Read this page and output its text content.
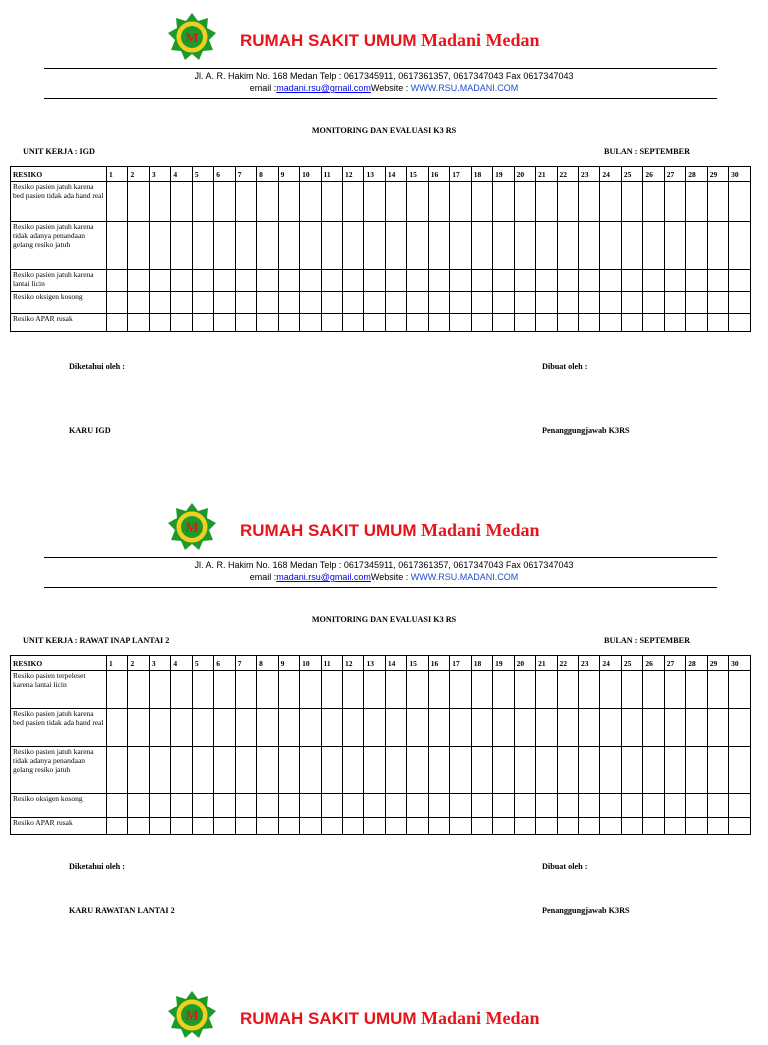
M RUMAH SAKIT UMUM Madani Medan
Jl. A. R. Hakim No. 168 Medan Telp : 0617345911, 0617361357, 0617347043 Fax 0617347043
email :madani.rsu@gmail.comWebsite : WWW.RSU.MADANI.COM
MONITORING DAN EVALUASI K3 RS
UNIT KERJA : IGD	BULAN : SEPTEMBER
RESIKO	1	2	3	4	5	6	7	8	9	10	11	12	13	14	15	16	17	18	19	20	21	22	23	24	25	26	27	28	29	30
Resiko pasien jatuh karena bed pasien tidak ada hand real																														
Resiko pasien jatuh karena tidak adanya penandaan gelang resiko jatuh																														
Resiko pasien jatuh karena lantai licin																														
Resiko oksigen kosong																														
Resiko APAR rusak																														
Diketahui oleh :	Dibuat oleh :
KARU IGD	Penanggungjawab K3RS
M RUMAH SAKIT UMUM Madani Medan
Jl. A. R. Hakim No. 168 Medan Telp : 0617345911, 0617361357, 0617347043 Fax 0617347043
email :madani.rsu@gmail.comWebsite : WWW.RSU.MADANI.COM
MONITORING DAN EVALUASI K3 RS
UNIT KERJA : RAWAT INAP LANTAI 2	BULAN : SEPTEMBER
RESIKO	1	2	3	4	5	6	7	8	9	10	11	12	13	14	15	16	17	18	19	20	21	22	23	24	25	26	27	28	29	30
Resiko pasien terpeleset karena lantai licin																														
Resiko pasien jatuh karena bed pasien tidak ada hand real																														
Resiko pasien jatuh karena tidak adanya penandaan gelang resiko jatuh																														
Resiko oksigen kosong																														
Resiko APAR rusak																														
Diketahui oleh :	Dibuat oleh :
KARU RAWATAN LANTAI 2	Penanggungjawab K3RS
M RUMAH SAKIT UMUM Madani Medan
